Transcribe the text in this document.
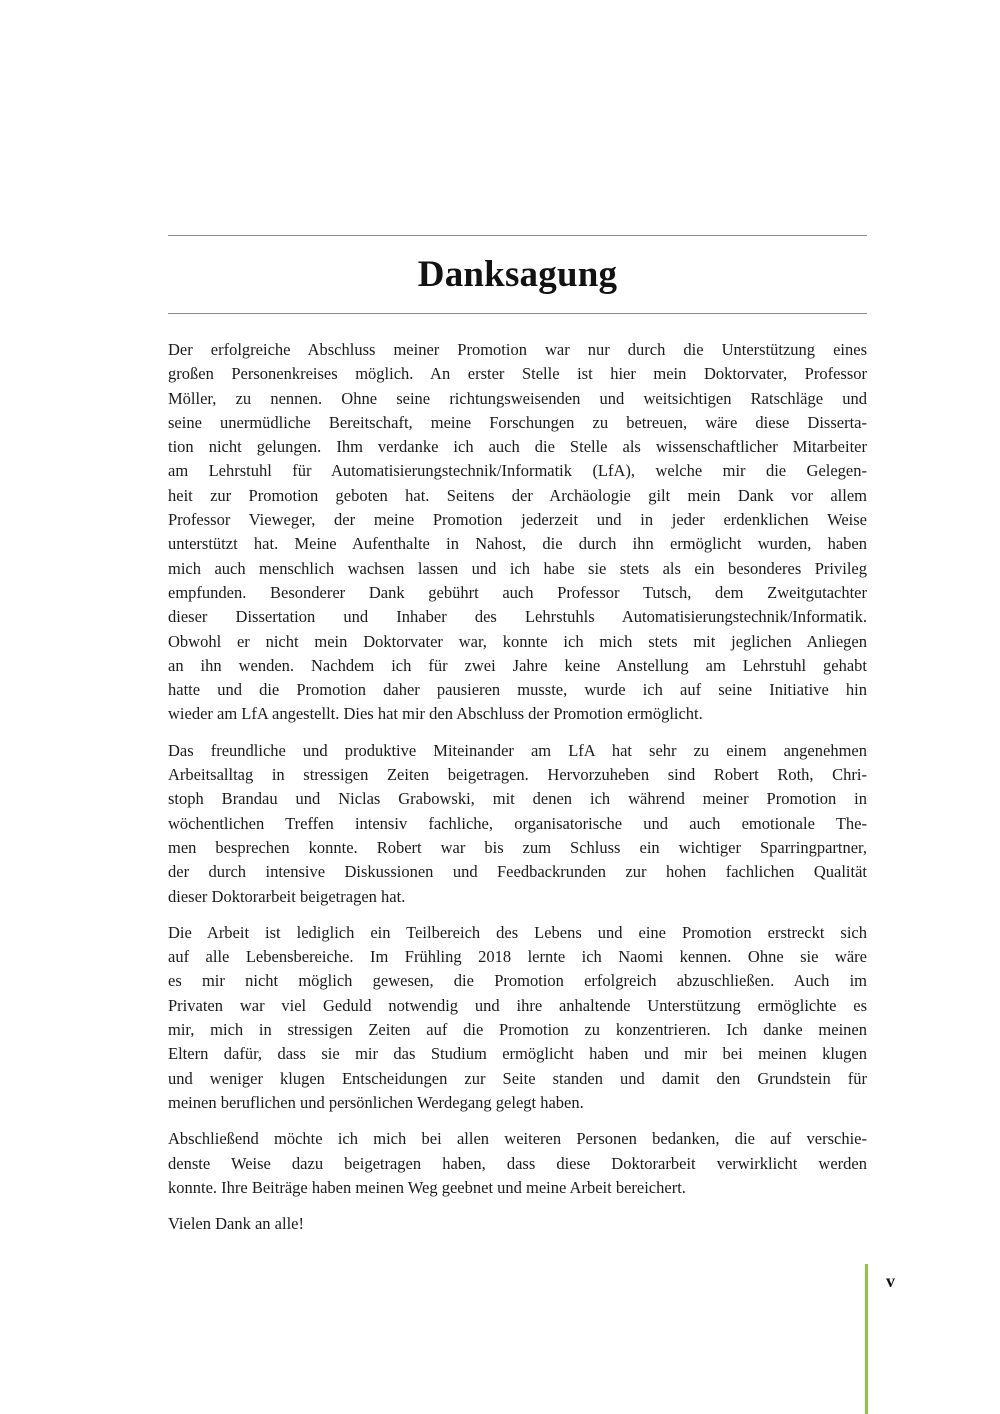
Danksagung
Der erfolgreiche Abschluss meiner Promotion war nur durch die Unterstützung eines
großen Personenkreises möglich. An erster Stelle ist hier mein Doktorvater, Professor
Möller, zu nennen. Ohne seine richtungsweisenden und weitsichtigen Ratschläge und
seine unermüdliche Bereitschaft, meine Forschungen zu betreuen, wäre diese Disserta-
tion nicht gelungen. Ihm verdanke ich auch die Stelle als wissenschaftlicher Mitarbeiter
am Lehrstuhl für Automatisierungstechnik/Informatik (LfA), welche mir die Gelegen-
heit zur Promotion geboten hat. Seitens der Archäologie gilt mein Dank vor allem
Professor Vieweger, der meine Promotion jederzeit und in jeder erdenklichen Weise
unterstützt hat. Meine Aufenthalte in Nahost, die durch ihn ermöglicht wurden, haben
mich auch menschlich wachsen lassen und ich habe sie stets als ein besonderes Privileg
empfunden. Besonderer Dank gebührt auch Professor Tutsch, dem Zweitgutachter
dieser Dissertation und Inhaber des Lehrstuhls Automatisierungstechnik/Informatik.
Obwohl er nicht mein Doktorvater war, konnte ich mich stets mit jeglichen Anliegen
an ihn wenden. Nachdem ich für zwei Jahre keine Anstellung am Lehrstuhl gehabt
hatte und die Promotion daher pausieren musste, wurde ich auf seine Initiative hin
wieder am LfA angestellt. Dies hat mir den Abschluss der Promotion ermöglicht.
Das freundliche und produktive Miteinander am LfA hat sehr zu einem angenehmen
Arbeitsalltag in stressigen Zeiten beigetragen. Hervorzuheben sind Robert Roth, Chri-
stoph Brandau und Niclas Grabowski, mit denen ich während meiner Promotion in
wöchentlichen Treffen intensiv fachliche, organisatorische und auch emotionale The-
men besprechen konnte. Robert war bis zum Schluss ein wichtiger Sparringpartner,
der durch intensive Diskussionen und Feedbackrunden zur hohen fachlichen Qualität
dieser Doktorarbeit beigetragen hat.
Die Arbeit ist lediglich ein Teilbereich des Lebens und eine Promotion erstreckt sich
auf alle Lebensbereiche. Im Frühling 2018 lernte ich Naomi kennen. Ohne sie wäre
es mir nicht möglich gewesen, die Promotion erfolgreich abzuschließen. Auch im
Privaten war viel Geduld notwendig und ihre anhaltende Unterstützung ermöglichte es
mir, mich in stressigen Zeiten auf die Promotion zu konzentrieren. Ich danke meinen
Eltern dafür, dass sie mir das Studium ermöglicht haben und mir bei meinen klugen
und weniger klugen Entscheidungen zur Seite standen und damit den Grundstein für
meinen beruflichen und persönlichen Werdegang gelegt haben.
Abschließend möchte ich mich bei allen weiteren Personen bedanken, die auf verschie-
denste Weise dazu beigetragen haben, dass diese Doktorarbeit verwirklicht werden
konnte. Ihre Beiträge haben meinen Weg geebnet und meine Arbeit bereichert.
Vielen Dank an alle!
v
